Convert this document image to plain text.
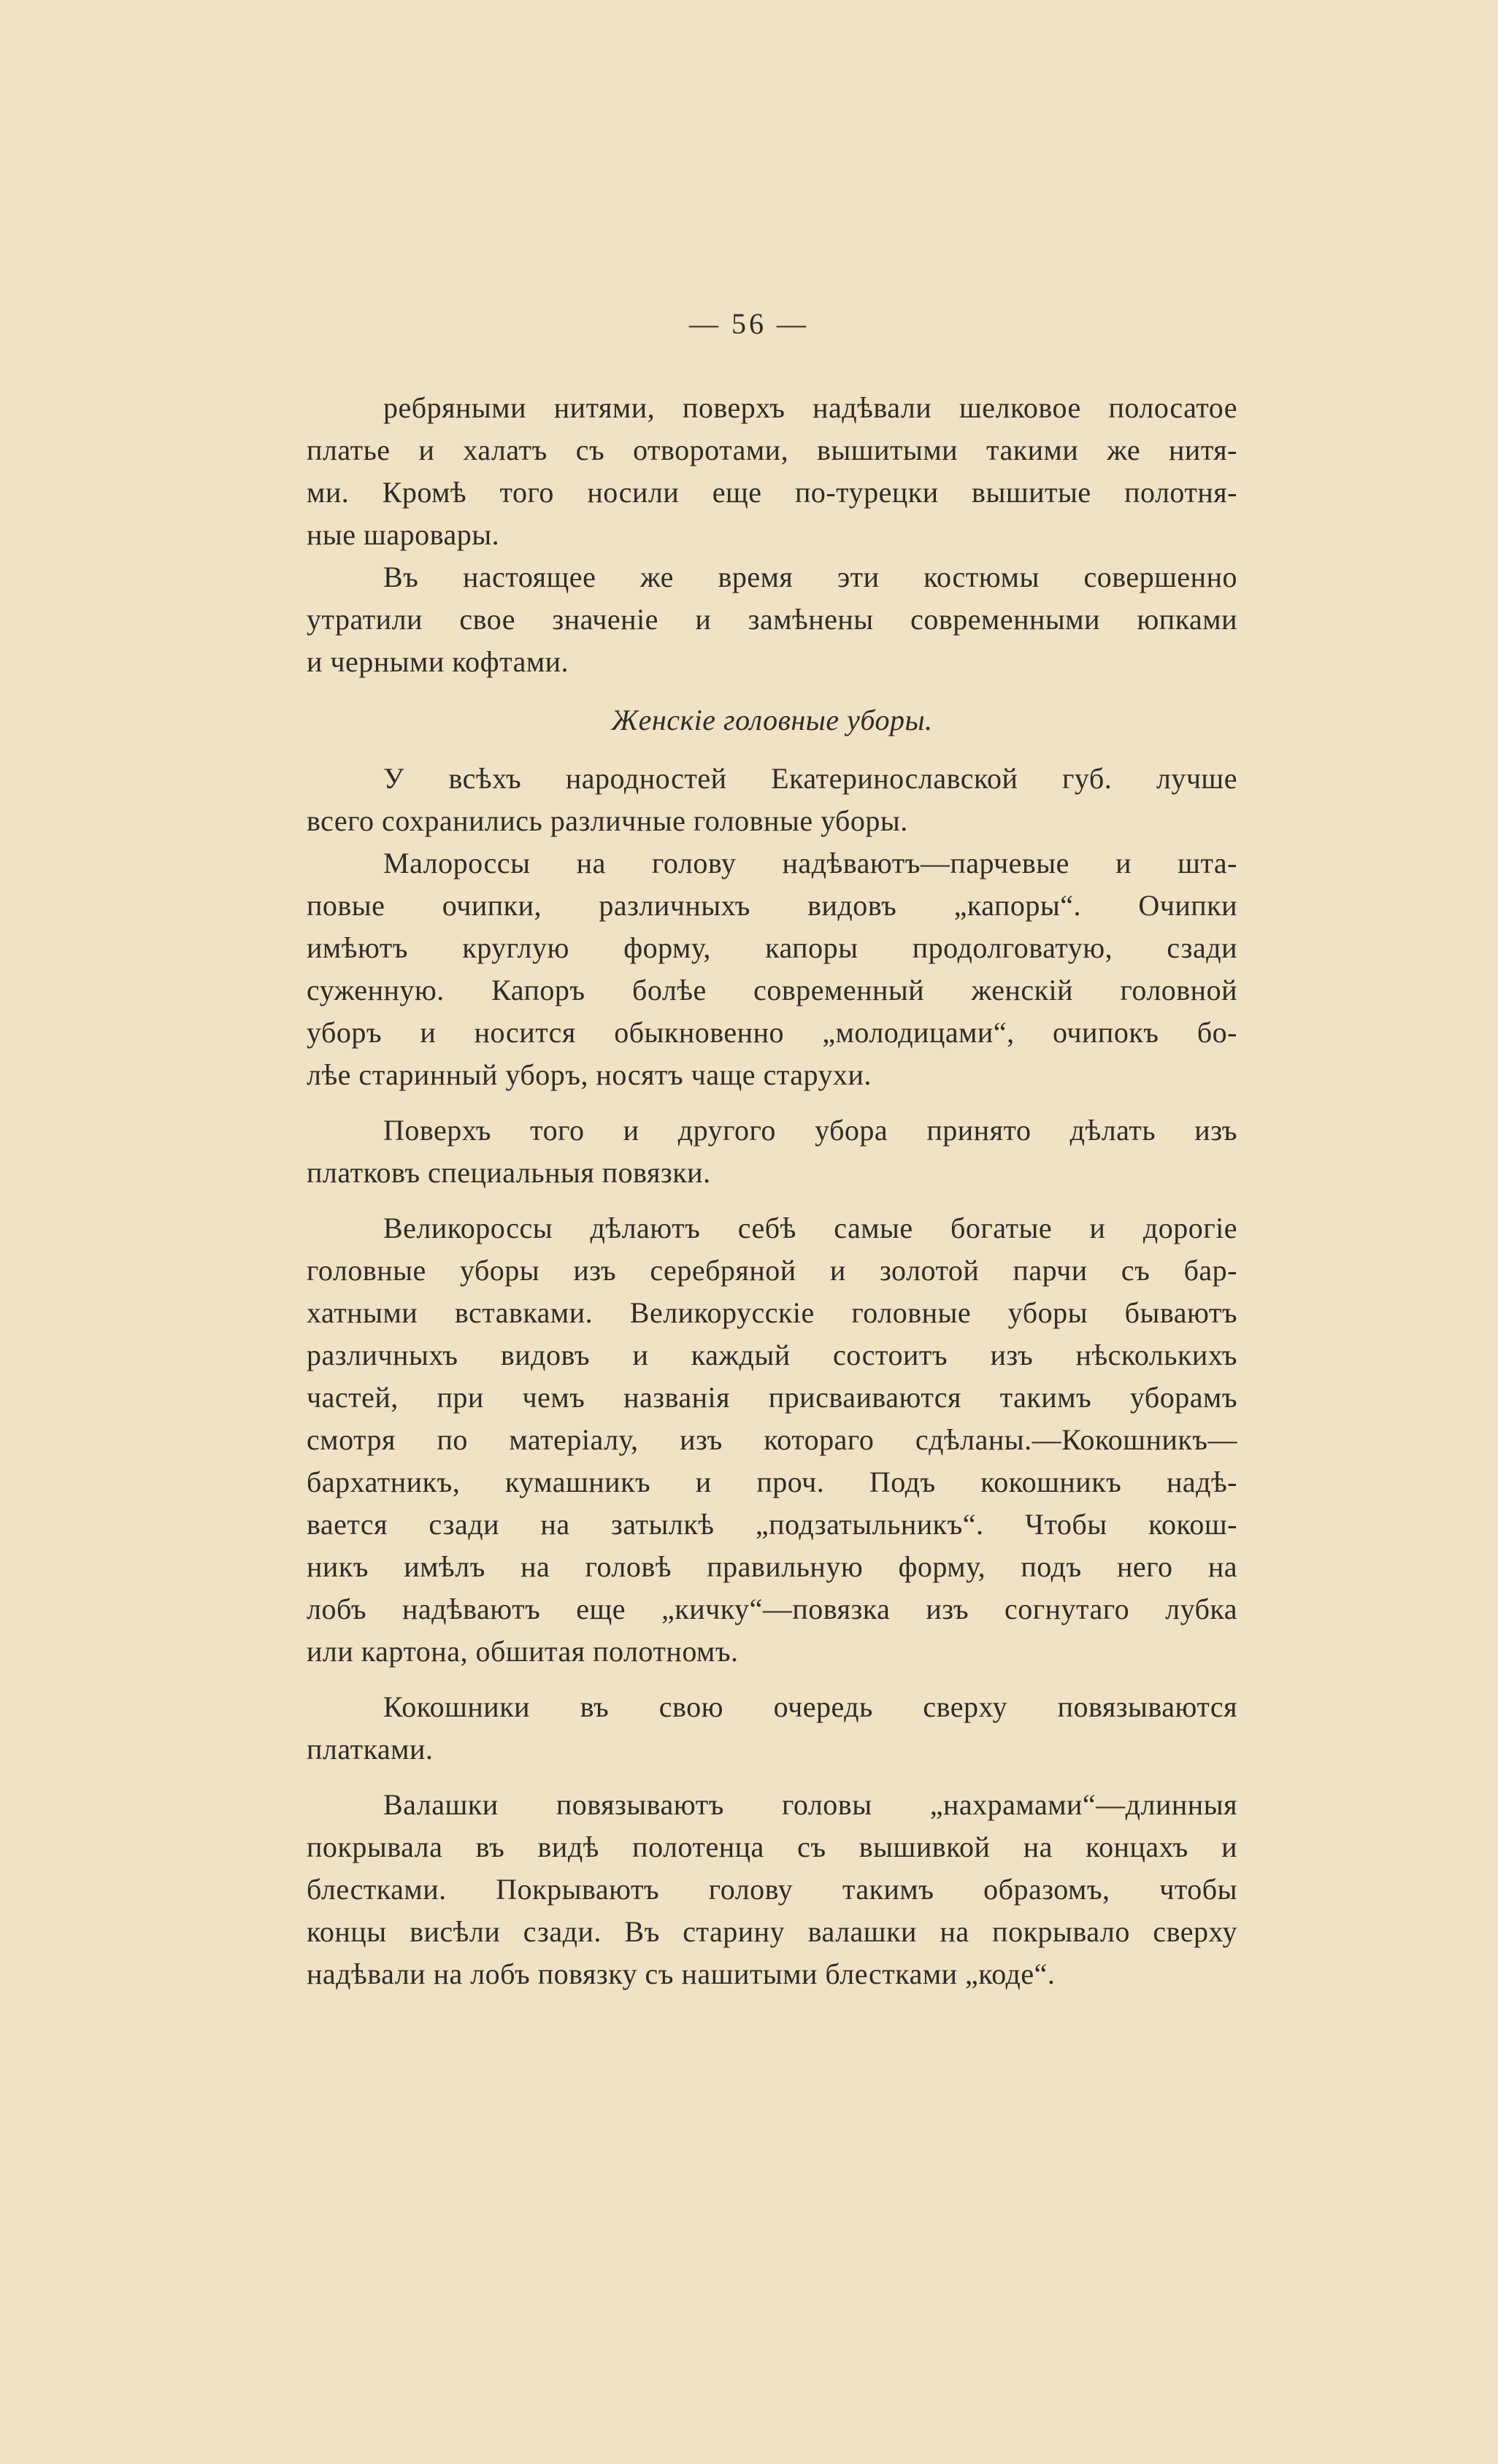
— 56 —
ребряными нитями, поверхъ надѣвали шелковое полосатое
платье и халатъ съ отворотами, вышитыми такими же нитя-
ми. Кромѣ того носили еще по-турецки вышитые полотня-
ные шаровары.
Въ настоящее же время эти костюмы совершенно
утратили свое значеніе и замѣнены современными юпками
и черными кофтами.
Женскіе головные уборы.
У всѣхъ народностей Екатеринославской губ. лучше
всего сохранились различные головные уборы.
Малороссы на голову надѣваютъ—парчевые и шта-
повые очипки, различныхъ видовъ „капоры“. Очипки
имѣютъ круглую форму, капоры продолговатую, сзади
суженную. Капоръ болѣе современный женскій головной
уборъ и носится обыкновенно „молодицами“, очипокъ бо-
лѣе старинный уборъ, носятъ чаще старухи.
Поверхъ того и другого убора принято дѣлать изъ
платковъ специальныя повязки.
Великороссы дѣлаютъ себѣ самые богатые и дорогіе
головные уборы изъ серебряной и золотой парчи съ бар-
хатными вставками. Великорусскіе головные уборы бываютъ
различныхъ видовъ и каждый состоитъ изъ нѣсколькихъ
частей, при чемъ названія присваиваются такимъ уборамъ
смотря по матеріалу, изъ котораго сдѣланы.—Кокошникъ—
бархатникъ, кумашникъ и проч. Подъ кокошникъ надѣ-
вается сзади на затылкѣ „подзатыльникъ“. Чтобы кокош-
никъ имѣлъ на головѣ правильную форму, подъ него на
лобъ надѣваютъ еще „кичку“—повязка изъ согнутаго лубка
или картона, обшитая полотномъ.
Кокошники въ свою очередь сверху повязываются
платками.
Валашки повязываютъ головы „нахрамами“—длинныя
покрывала въ видѣ полотенца съ вышивкой на концахъ и
блестками. Покрываютъ голову такимъ образомъ, чтобы
концы висѣли сзади. Въ старину валашки на покрывало сверху
надѣвали на лобъ повязку съ нашитыми блестками „коде“.
